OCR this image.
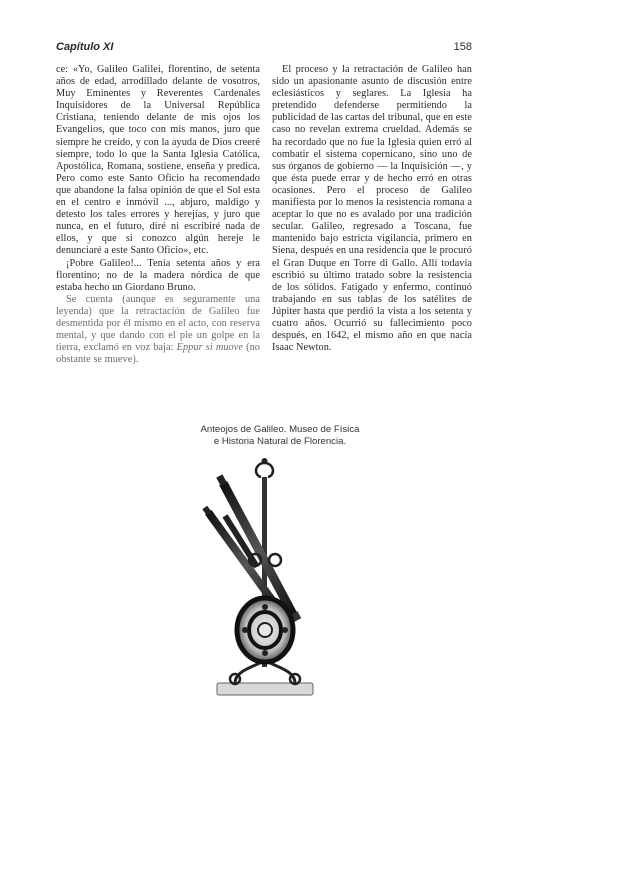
Capítulo XI	158

ce: «Yo, Galileo Galilei, florentino, de setenta años de edad, arrodillado delante de vosotros, Muy Eminentes y Reverentes Cardenales Inquisidores de la Universal República Cristiana, teniendo delante de mis ojos los Evangelios, que toco con mis manos, juro que siempre he creído, y con la ayuda de Dios creeré siempre, todo lo que la Santa Iglesia Católica, Apostólica, Romana, sostiene, enseña y predica. Pero como este Santo Oficio ha recomendado que abandone la falsa opinión de que el Sol esta en el centro e inmóvil ..., abjuro, maldigo y detesto los tales errores y herejías, y juro que nunca, en el futuro, diré ni escribiré nada de ellos, y que si conozco algún hereje le denunciaré a este Santo Oficio», etc.

¡Pobre Galileo!... Tenía setenta años y era florentino; no de la madera nórdica de que estaba hecho un Giordano Bruno.

Se cuenta (aunque es seguramente una leyenda) que la retractación de Galileo fue desmentida por él mismo en el acto, con reserva mental, y que dando con el pie un golpe en la tierra, exclamó en voz baja: Eppur si muove (no obstante se mueve).

El proceso y la retractación de Galileo han sido un apasionante asunto de discusión entre eclesiásticos y seglares. La Iglesia ha pretendido defenderse permitiendo la publicidad de las cartas del tribunal, que en este caso no revelan extrema crueldad. Además se ha recordado que no fue la Iglesia quien erró al combatir el sistema copernicano, sino uno de sus órganos de gobierno — la Inquisición —, y que ésta puede errar y de hecho erró en otras ocasiones. Pero el proceso de Galileo manifiesta por lo menos la resistencia romana a aceptar lo que no es avalado por una tradición secular. Galileo, regresado a Toscana, fue mantenido bajo estricta vigilancia, primero en Siena, después en una residencia que le procuró el Gran Duque en Torre di Gallo. Allí todavía escribió su último tratado sobre la resistencia de los sólidos. Fatigado y enfermo, continuó trabajando en sus tablas de los satélites de Júpiter hasta que perdió la vista a los setenta y cuatro años. Ocurrió su fallecimiento poco después, en 1642, el mismo año en que nacía Isaac Newton.

Anteojos de Galileo. Museo de Física
e Historia Natural de Florencia.
